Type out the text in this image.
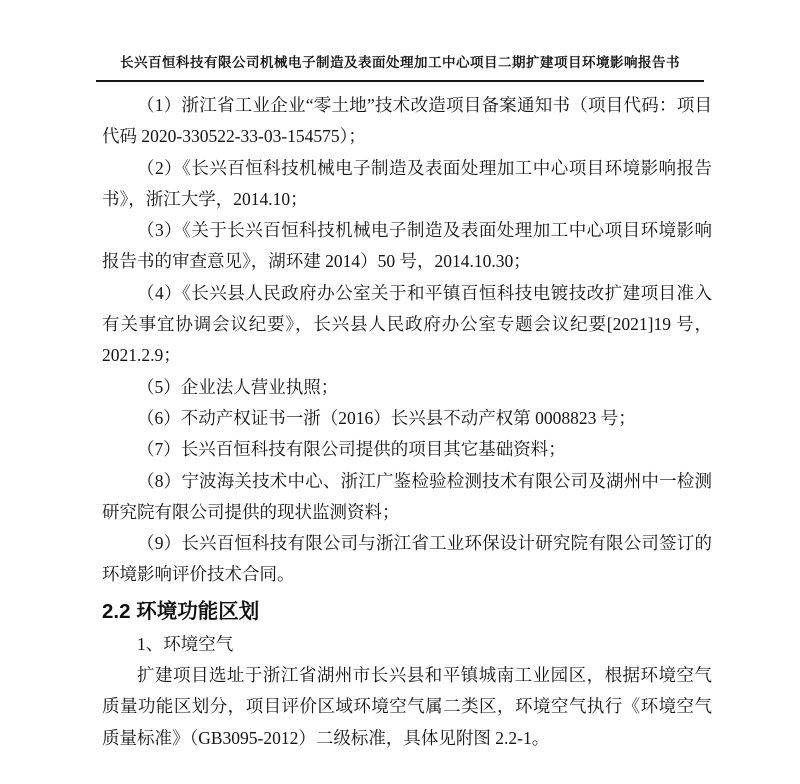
长兴百恒科技有限公司机械电子制造及表面处理加工中心项目二期扩建项目环境影响报告书

（1）浙江省工业企业“零土地”技术改造项目备案通知书（项目代码：项目代码 2020-330522-33-03-154575）；

（2）《长兴百恒科技机械电子制造及表面处理加工中心项目环境影响报告书》，浙江大学，2014.10；

（3）《关于长兴百恒科技机械电子制造及表面处理加工中心项目环境影响报告书的审查意见》，湖环建 2014）50 号，2014.10.30；

（4）《长兴县人民政府办公室关于和平镇百恒科技电镀技改扩建项目准入有关事宜协调会议纪要》，长兴县人民政府办公室专题会议纪要[2021]19 号，2021.2.9；

（5）企业法人营业执照；

（6）不动产权证书一浙（2016）长兴县不动产权第 0008823 号；

（7）长兴百恒科技有限公司提供的项目其它基础资料；

（8）宁波海关技术中心、浙江广鉴检验检测技术有限公司及湖州中一检测研究院有限公司提供的现状监测资料；

（9）长兴百恒科技有限公司与浙江省工业环保设计研究院有限公司签订的环境影响评价技术合同。

2.2 环境功能区划

1、环境空气

扩建项目选址于浙江省湖州市长兴县和平镇城南工业园区，根据环境空气质量功能区划分，项目评价区域环境空气属二类区，环境空气执行《环境空气质量标准》（GB3095-2012）二级标准，具体见附图 2.2-1。
